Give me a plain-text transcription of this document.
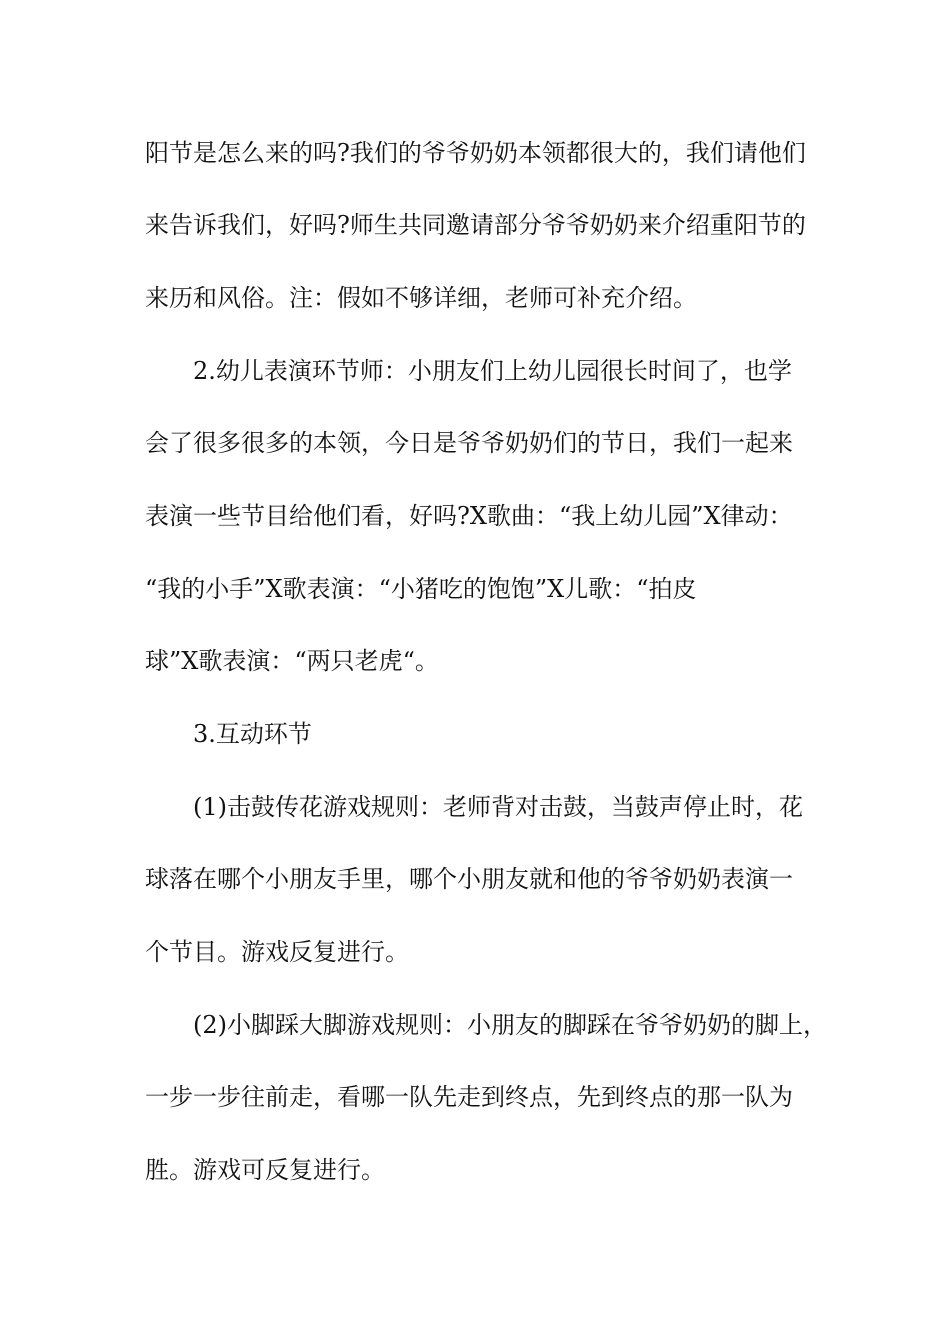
阳节是怎么来的吗?我们的爷爷奶奶本领都很大的，我们请他们
来告诉我们，好吗?师生共同邀请部分爷爷奶奶来介绍重阳节的
来历和风俗。注：假如不够详细，老师可补充介绍。
2.幼儿表演环节师：小朋友们上幼儿园很长时间了，也学
会了很多很多的本领，今日是爷爷奶奶们的节日，我们一起来
表演一些节目给他们看，好吗?X歌曲：“我上幼儿园”X律动：
“我的小手”X歌表演：“小猪吃的饱饱”X儿歌：“拍皮
球”X歌表演：“两只老虎“。
3.互动环节
(1)击鼓传花游戏规则：老师背对击鼓，当鼓声停止时，花
球落在哪个小朋友手里，哪个小朋友就和他的爷爷奶奶表演一
个节目。游戏反复进行。
(2)小脚踩大脚游戏规则：小朋友的脚踩在爷爷奶奶的脚上，
一步一步往前走，看哪一队先走到终点，先到终点的那一队为
胜。游戏可反复进行。
